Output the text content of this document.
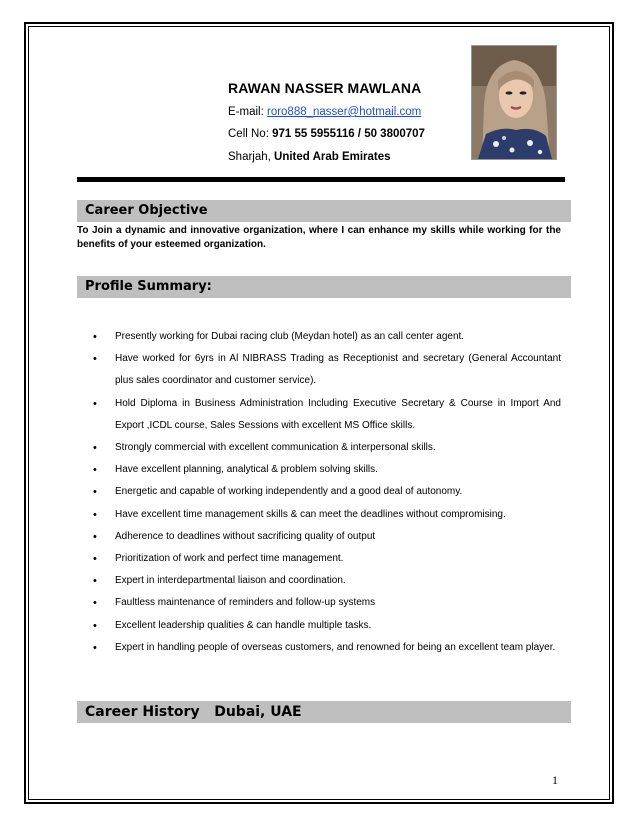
RAWAN NASSER MAWLANA
E-mail: roro888_nasser@hotmail.com
Cell No: 971 55 5955116 / 50 3800707
Sharjah, United Arab Emirates
Career Objective
To Join a dynamic and innovative organization, where I can enhance my skills while working for the benefits of your esteemed organization.
Profile Summary:
• Presently working for Dubai racing club (Meydan hotel) as an call center agent.
• Have worked for 6yrs in Al NIBRASS Trading as Receptionist and secretary (General Accountant plus sales coordinator and customer service).
• Hold Diploma in Business Administration Including Executive Secretary & Course in Import And Export ,ICDL course, Sales Sessions with excellent MS Office skills.
• Strongly commercial with excellent communication & interpersonal skills.
• Have excellent planning, analytical & problem solving skills.
• Energetic and capable of working independently and a good deal of autonomy.
• Have excellent time management skills & can meet the deadlines without compromising.
• Adherence to deadlines without sacrificing quality of output
• Prioritization of work and perfect time management.
• Expert in interdepartmental liaison and coordination.
• Faultless maintenance of reminders and follow-up systems
• Excellent leadership qualities & can handle multiple tasks.
• Expert in handling people of overseas customers, and renowned for being an excellent team player.
Career History   Dubai, UAE
1
